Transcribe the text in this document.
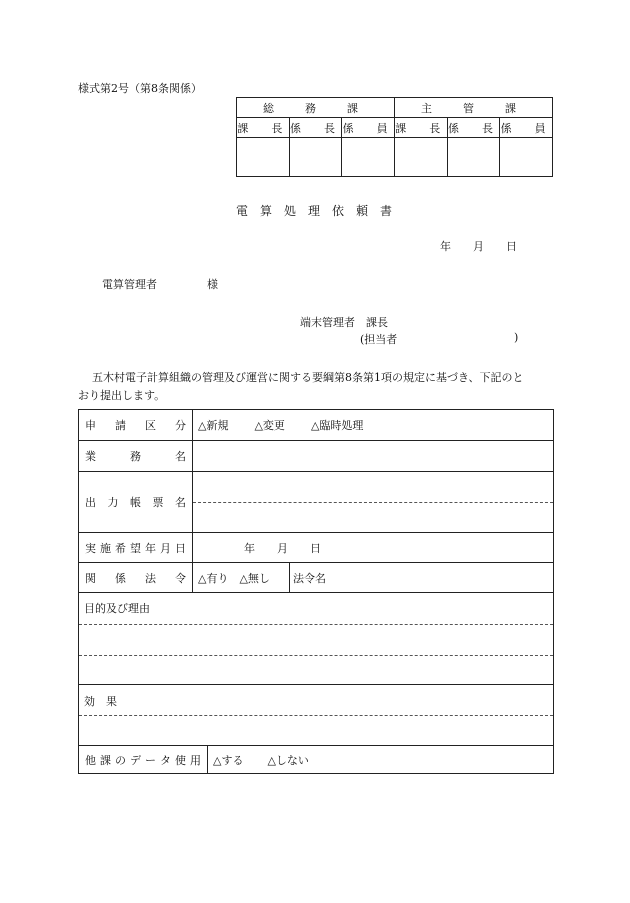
様式第2号（第8条関係）
総　務　課			主　管　課		
課　長	係　長	係　員	課　長	係　長	係　員

電　算　処　理　依　頼　書
年　　月　　日
電算管理者	様
端末管理者　課長
(担当者	)
五木村電子計算組織の管理及び運営に関する要綱第8条第1項の規定に基づき、下記のと
おり提出します。
申 請 区 分 △新規 △変更 △臨時処理
業	務	名
出 力 帳 票 名
実 施 希 望 年 月 日	年　　月　　日
関 係 法 令 △有り　△無し 法令名
目的及び理由
効　果
他 課 の デ ー タ 使 用 △する △しない
